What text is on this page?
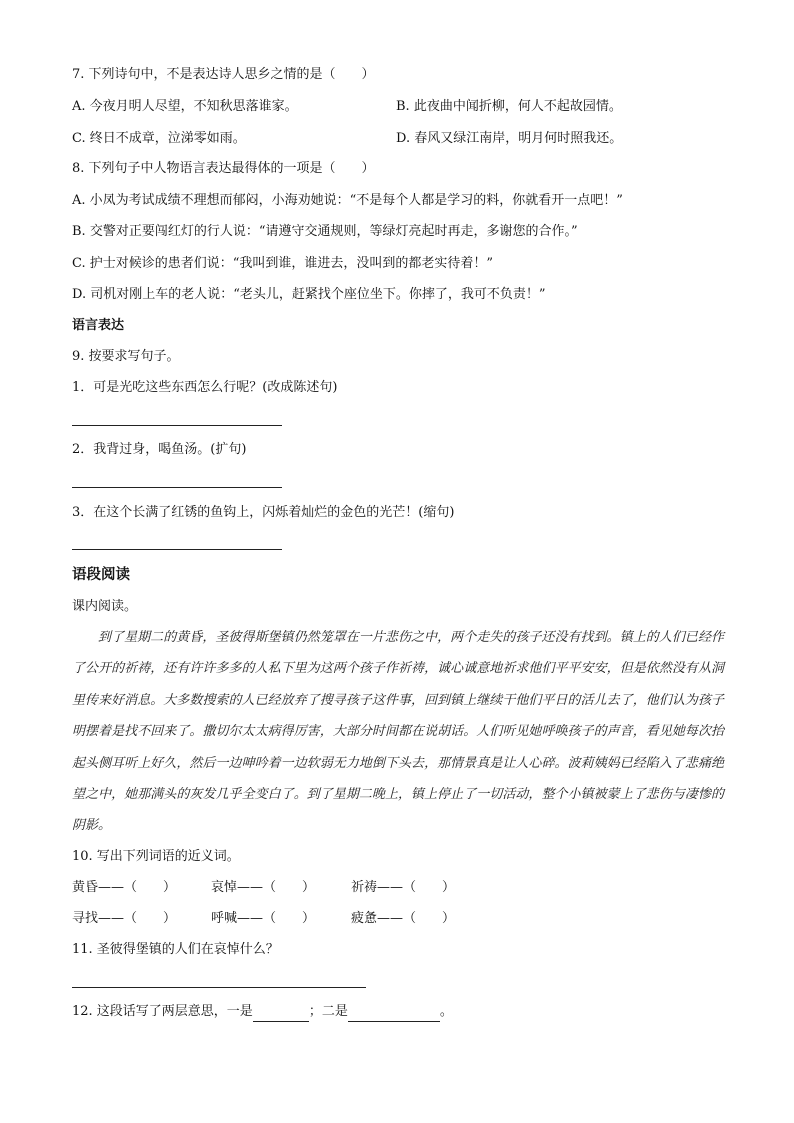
7. 下列诗句中，不是表达诗人思乡之情的是（　　）
A. 今夜月明人尽望，不知秋思落谁家。	B. 此夜曲中闻折柳，何人不起故园情。
C. 终日不成章，泣涕零如雨。	D. 春风又绿江南岸，明月何时照我还。
8. 下列句子中人物语言表达最得体的一项是（　　）
A. 小凤为考试成绩不理想而郁闷，小海劝她说：“不是每个人都是学习的料，你就看开一点吧！”
B. 交警对正要闯红灯的行人说：“请遵守交通规则，等绿灯亮起时再走，多谢您的合作。”
C. 护士对候诊的患者们说：“我叫到谁，谁进去，没叫到的都老实待着！”
D. 司机对刚上车的老人说：“老头儿，赶紧找个座位坐下。你摔了，我可不负责！”
语言表达
9. 按要求写句子。
1．可是光吃这些东西怎么行呢？(改成陈述句)
2．我背过身，喝鱼汤。(扩句)
3．在这个长满了红锈的鱼钩上，闪烁着灿烂的金色的光芒！(缩句)
语段阅读
课内阅读。
到了星期二的黄昏，圣彼得斯堡镇仍然笼罩在一片悲伤之中，两个走失的孩子还没有找到。镇上的人们已经作了公开的祈祷，还有许许多多的人私下里为这两个孩子作祈祷，诚心诚意地祈求他们平平安安，但是依然没有从洞里传来好消息。大多数搜索的人已经放弃了搜寻孩子这件事，回到镇上继续干他们平日的活儿去了，他们认为孩子明摆着是找不回来了。撒切尔太太病得厉害，大部分时间都在说胡话。人们听见她呼唤孩子的声音，看见她每次抬起头侧耳听上好久，然后一边呻吟着一边软弱无力地倒下头去，那情景真是让人心碎。波莉姨妈已经陷入了悲痛绝望之中，她那满头的灰发几乎全变白了。到了星期二晚上，镇上停止了一切活动，整个小镇被蒙上了悲伤与凄惨的阴影。
10. 写出下列词语的近义词。
黄昏——（　　）	哀悼——（　　）	祈祷——（　　）
寻找——（　　）	呼喊——（　　）	疲惫——（　　）
11. 圣彼得堡镇的人们在哀悼什么？
12. 这段话写了两层意思，一是	；二是	。
